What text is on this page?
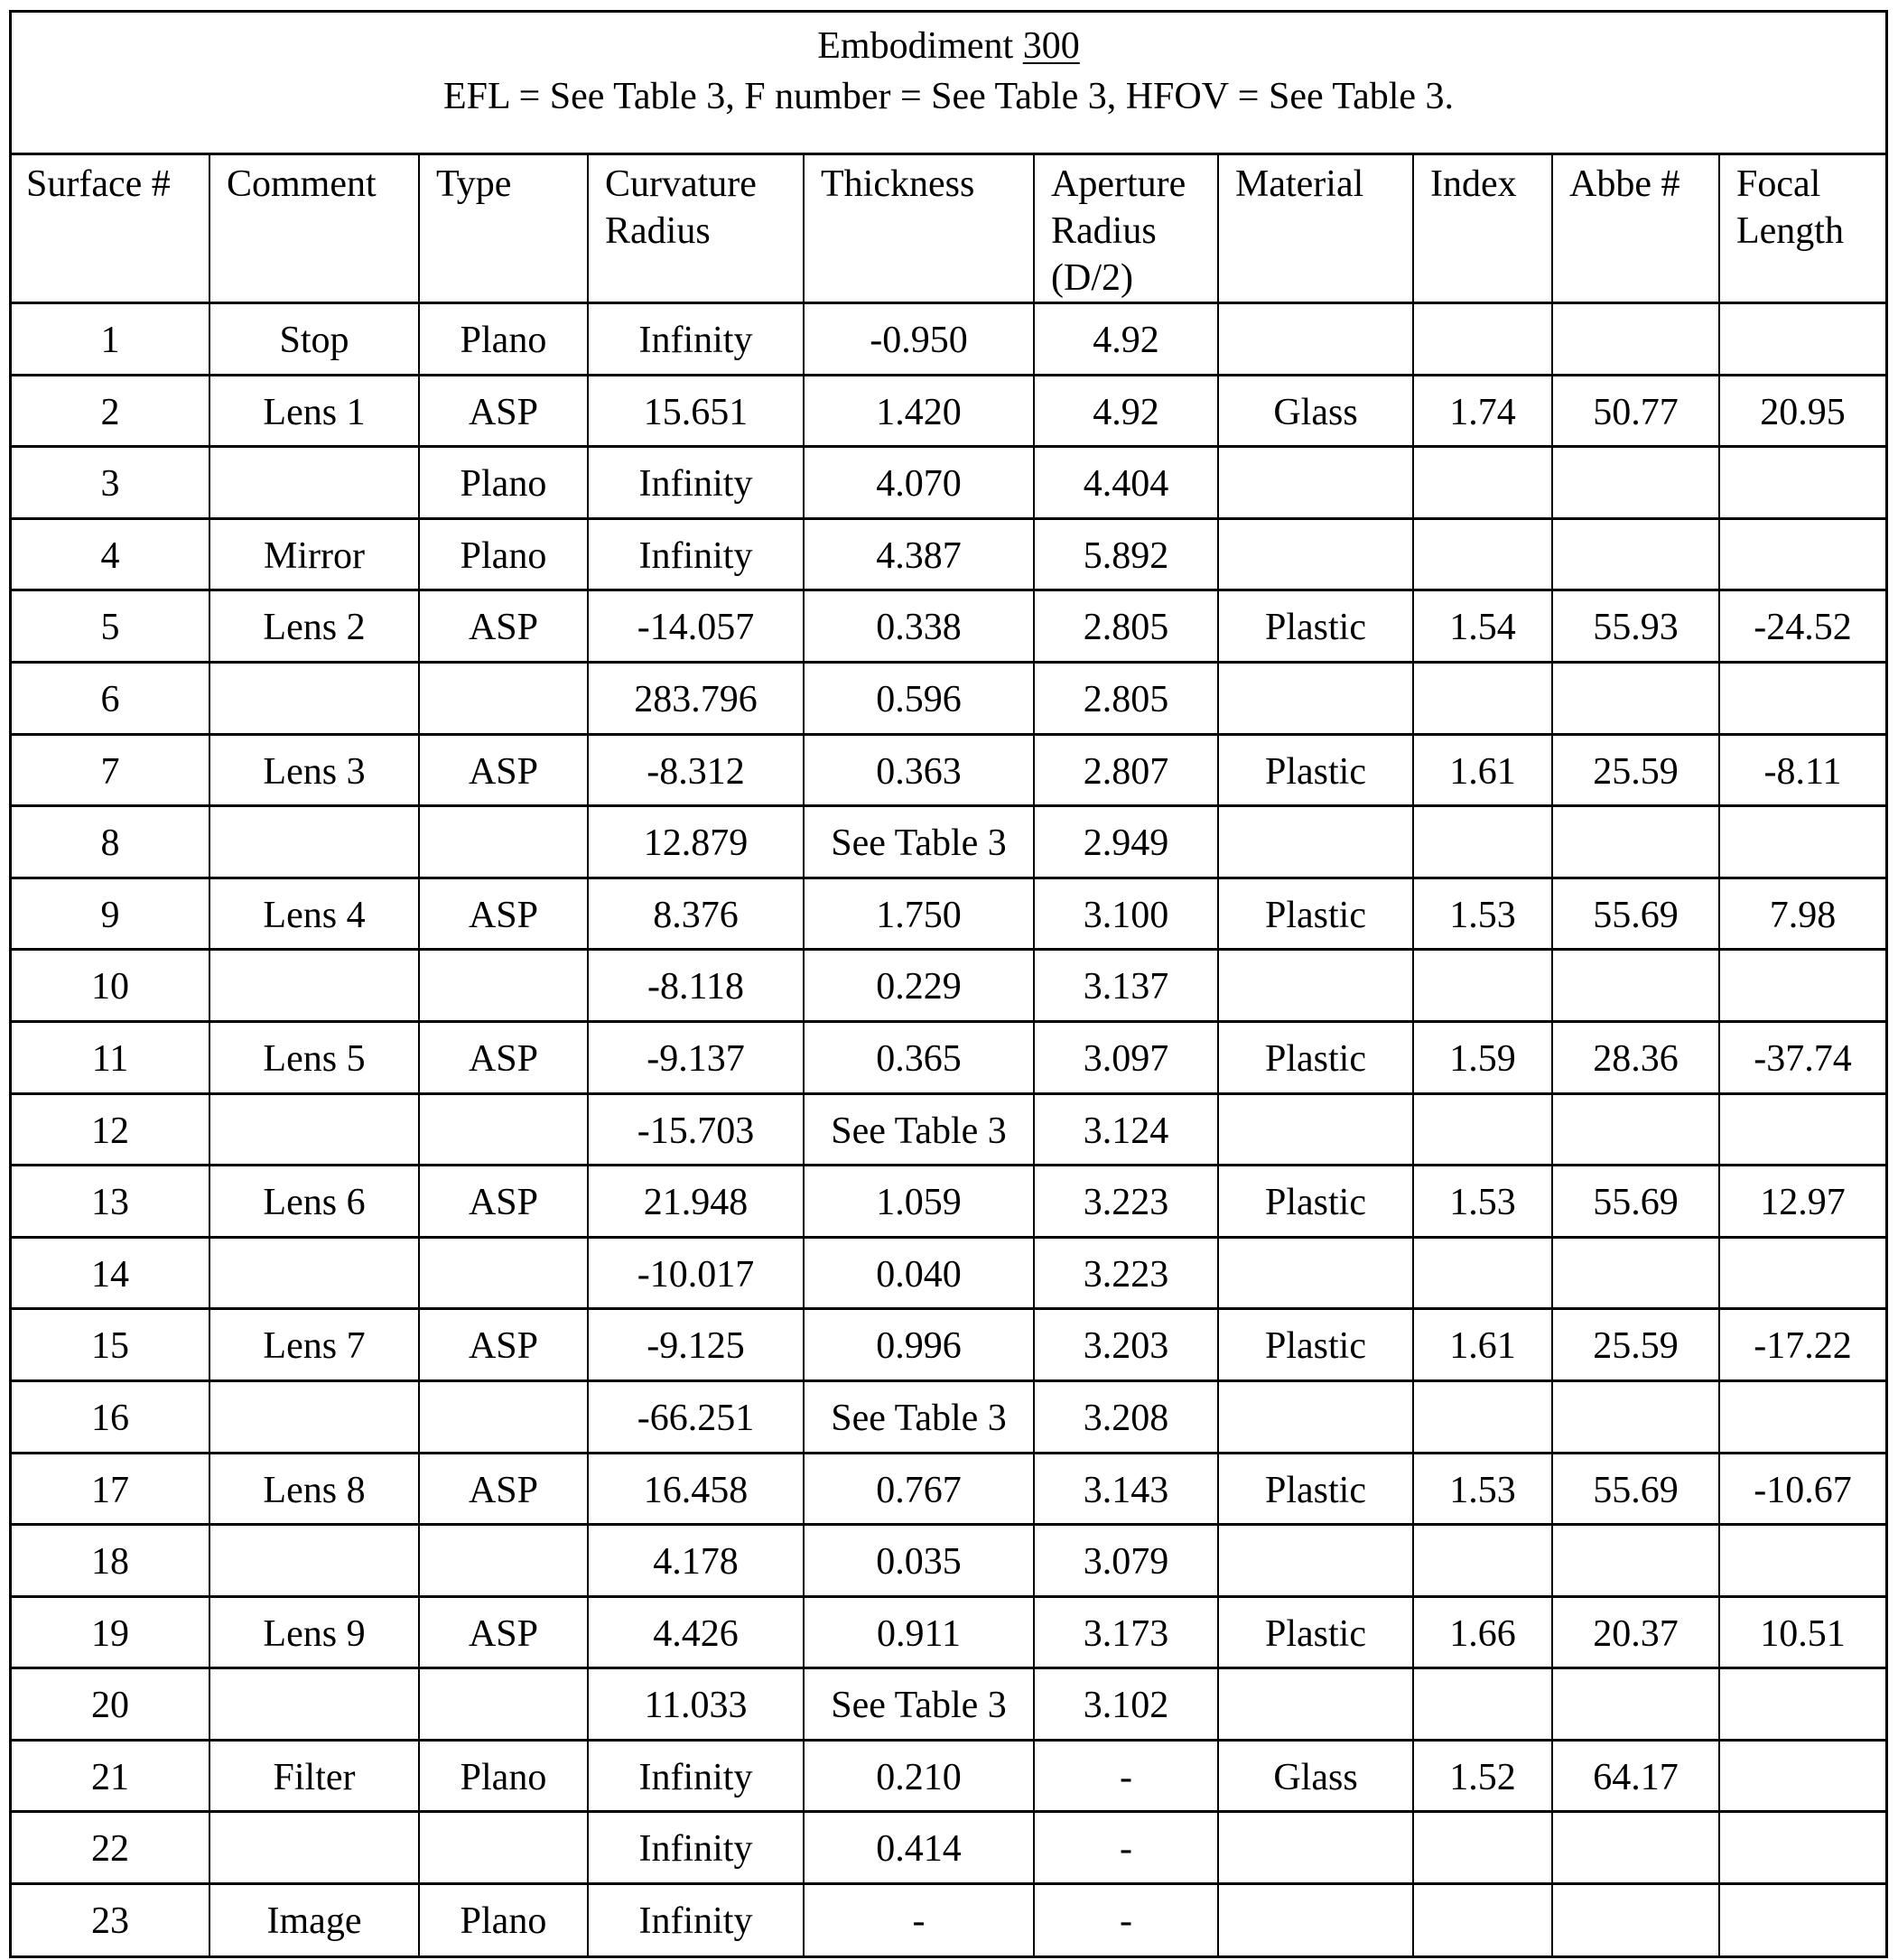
Embodiment 300
EFL = See Table 3, F number = See Table 3, HFOV = See Table 3.
Surface #	Comment	Type	Curvature Radius	Thickness	Aperture Radius (D/2)	Material	Index	Abbe #	Focal Length
1	Stop	Plano	Infinity	-0.950	4.92				
2	Lens 1	ASP	15.651	1.420	4.92	Glass	1.74	50.77	20.95
3		Plano	Infinity	4.070	4.404				
4	Mirror	Plano	Infinity	4.387	5.892				
5	Lens 2	ASP	-14.057	0.338	2.805	Plastic	1.54	55.93	-24.52
6			283.796	0.596	2.805				
7	Lens 3	ASP	-8.312	0.363	2.807	Plastic	1.61	25.59	-8.11
8			12.879	See Table 3	2.949				
9	Lens 4	ASP	8.376	1.750	3.100	Plastic	1.53	55.69	7.98
10			-8.118	0.229	3.137				
11	Lens 5	ASP	-9.137	0.365	3.097	Plastic	1.59	28.36	-37.74
12			-15.703	See Table 3	3.124				
13	Lens 6	ASP	21.948	1.059	3.223	Plastic	1.53	55.69	12.97
14			-10.017	0.040	3.223				
15	Lens 7	ASP	-9.125	0.996	3.203	Plastic	1.61	25.59	-17.22
16			-66.251	See Table 3	3.208				
17	Lens 8	ASP	16.458	0.767	3.143	Plastic	1.53	55.69	-10.67
18			4.178	0.035	3.079				
19	Lens 9	ASP	4.426	0.911	3.173	Plastic	1.66	20.37	10.51
20			11.033	See Table 3	3.102				
21	Filter	Plano	Infinity	0.210	-	Glass	1.52	64.17	
22			Infinity	0.414	-				
23	Image	Plano	Infinity	-	-				
